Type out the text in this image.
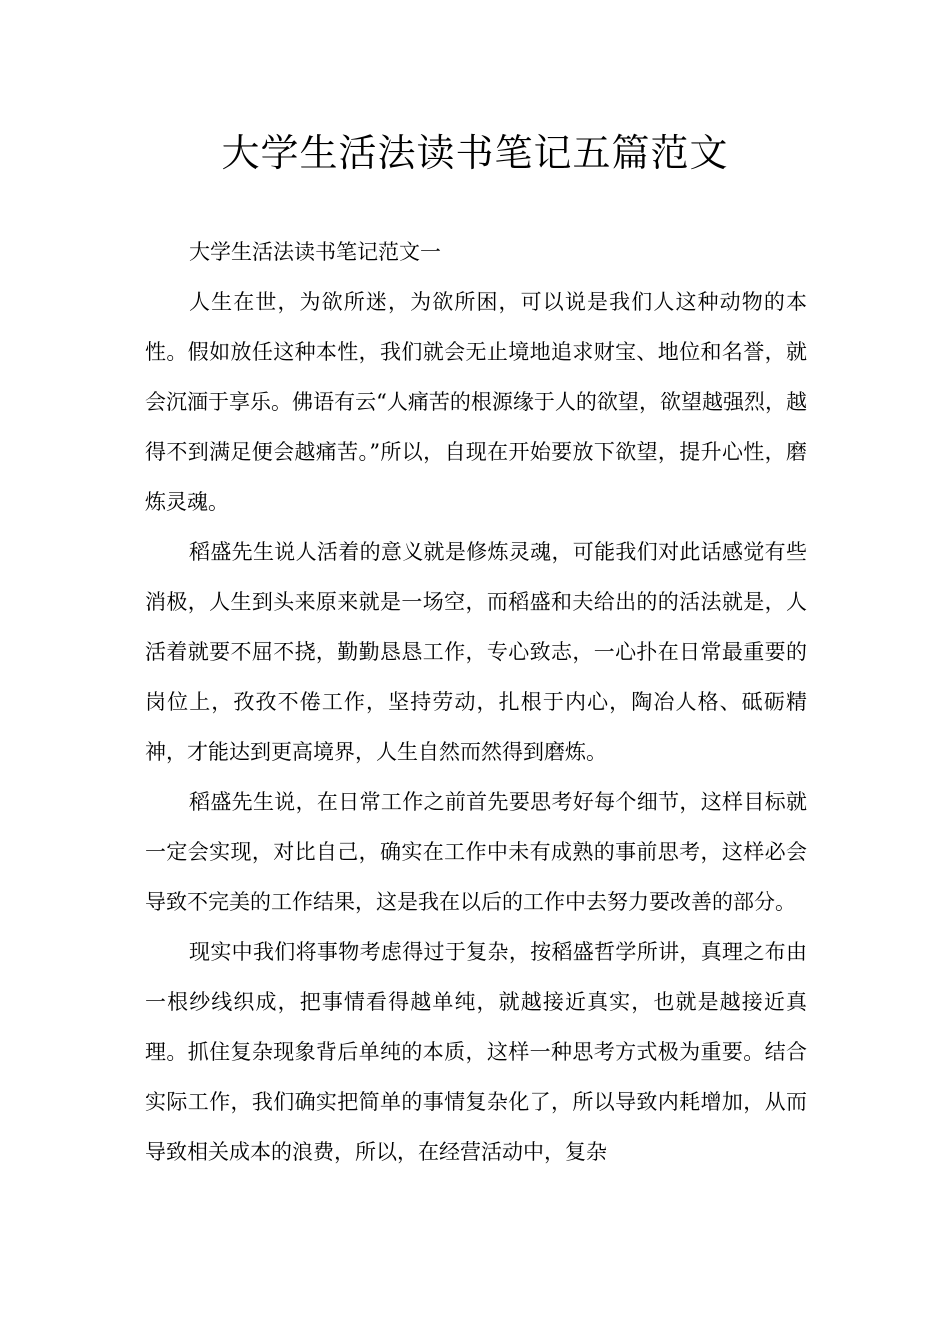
大学生活法读书笔记五篇范文

大学生活法读书笔记范文一

人生在世，为欲所迷，为欲所困，可以说是我们人这种动物的本性。假如放任这种本性，我们就会无止境地追求财宝、地位和名誉，就会沉湎于享乐。佛语有云“人痛苦的根源缘于人的欲望，欲望越强烈，越得不到满足便会越痛苦。”所以，自现在开始要放下欲望，提升心性，磨炼灵魂。

稻盛先生说人活着的意义就是修炼灵魂，可能我们对此话感觉有些消极，人生到头来原来就是一场空，而稻盛和夫给出的的活法就是，人活着就要不屈不挠，勤勤恳恳工作，专心致志，一心扑在日常最重要的岗位上，孜孜不倦工作，坚持劳动，扎根于内心，陶冶人格、砥砺精神，才能达到更高境界，人生自然而然得到磨炼。

稻盛先生说，在日常工作之前首先要思考好每个细节，这样目标就一定会实现，对比自己，确实在工作中未有成熟的事前思考，这样必会导致不完美的工作结果，这是我在以后的工作中去努力要改善的部分。

现实中我们将事物考虑得过于复杂，按稻盛哲学所讲，真理之布由一根纱线织成，把事情看得越单纯，就越接近真实，也就是越接近真理。抓住复杂现象背后单纯的本质，这样一种思考方式极为重要。结合实际工作，我们确实把简单的事情复杂化了，所以导致内耗增加，从而导致相关成本的浪费，所以，在经营活动中，复杂
